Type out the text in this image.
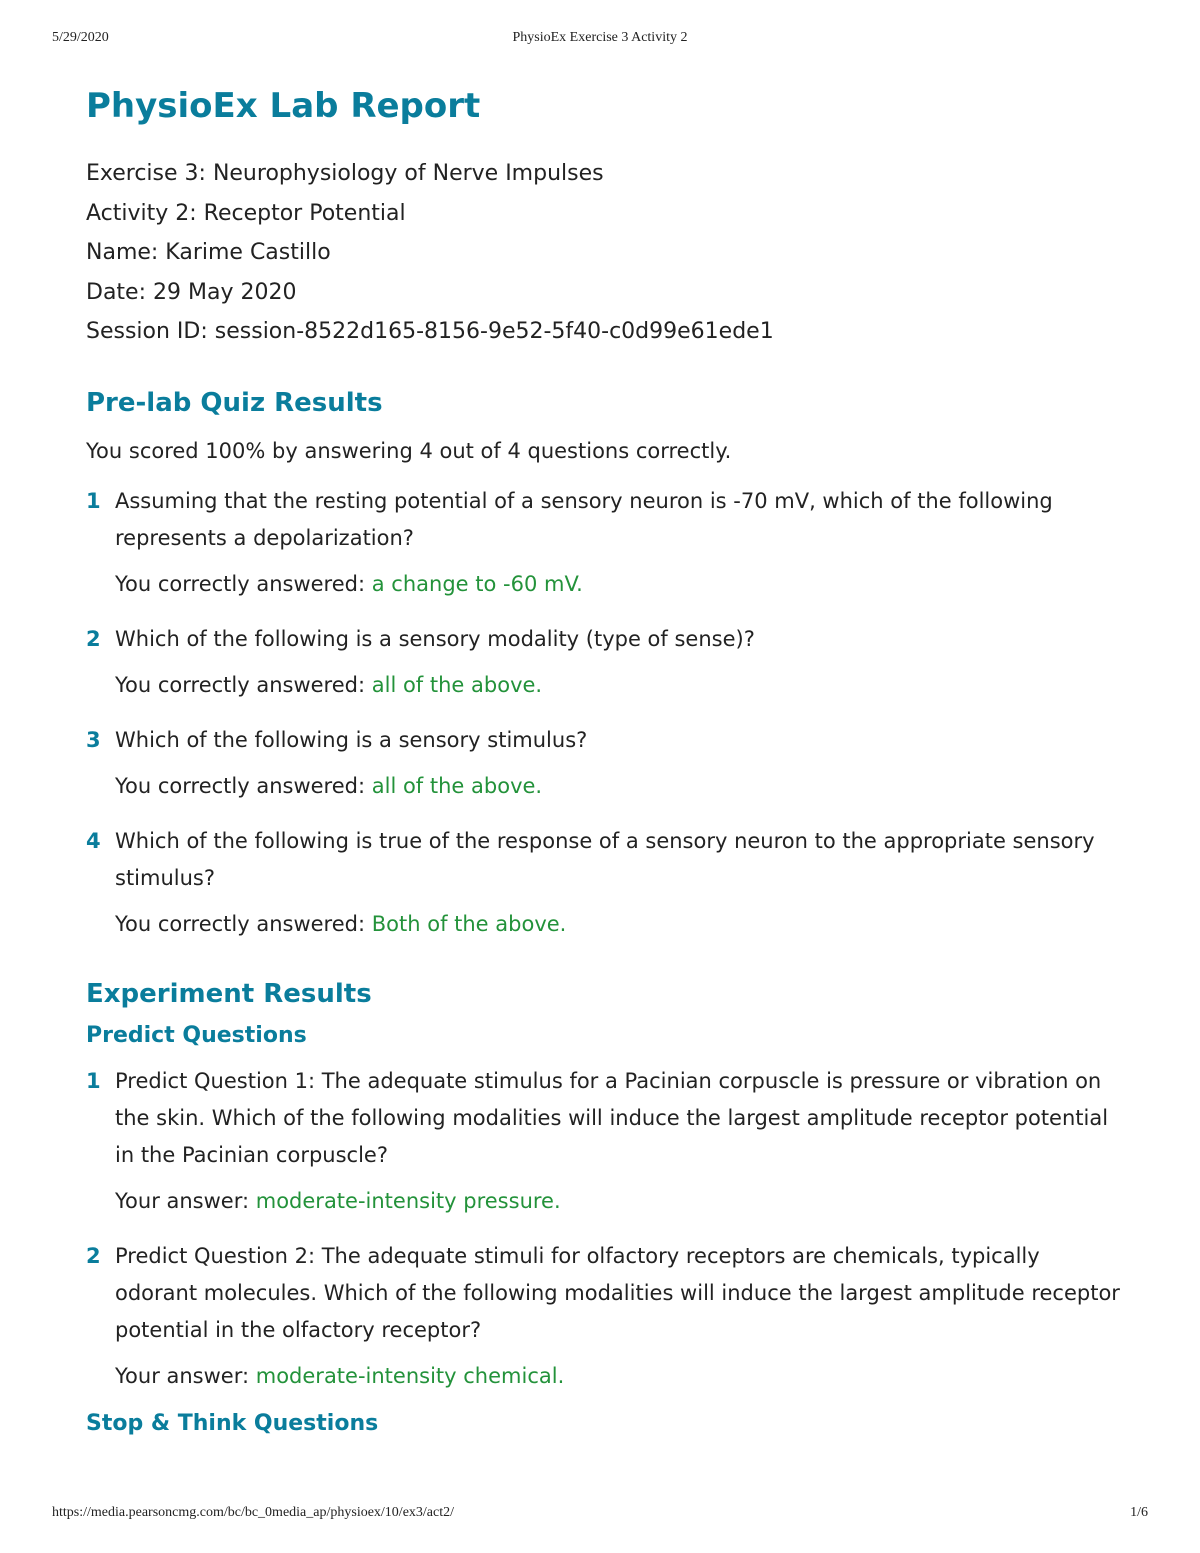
5/29/2020	PhysioEx Exercise 3 Activity 2
PhysioEx Lab Report
Exercise 3: Neurophysiology of Nerve Impulses
Activity 2: Receptor Potential
Name: Karime Castillo
Date: 29 May 2020
Session ID: session-8522d165-8156-9e52-5f40-c0d99e61ede1
Pre-lab Quiz Results

You scored 100% by answering 4 out of 4 questions correctly.

1 Assuming that the resting potential of a sensory neuron is -70 mV, which of the following represents a depolarization?
You correctly answered: a change to -60 mV.
2 Which of the following is a sensory modality (type of sense)?
You correctly answered: all of the above.
3 Which of the following is a sensory stimulus?
You correctly answered: all of the above.
4 Which of the following is true of the response of a sensory neuron to the appropriate sensory stimulus?
You correctly answered: Both of the above.
Experiment Results
Predict Questions
1 Predict Question 1: The adequate stimulus for a Pacinian corpuscle is pressure or vibration on the skin. Which of the following modalities will induce the largest amplitude receptor potential in the Pacinian corpuscle?
Your answer: moderate-intensity pressure.
2 Predict Question 2: The adequate stimuli for olfactory receptors are chemicals, typically odorant molecules. Which of the following modalities will induce the largest amplitude receptor potential in the olfactory receptor?
Your answer: moderate-intensity chemical.
Stop & Think Questions
https://media.pearsoncmg.com/bc/bc_0media_ap/physioex/10/ex3/act2/	1/6
